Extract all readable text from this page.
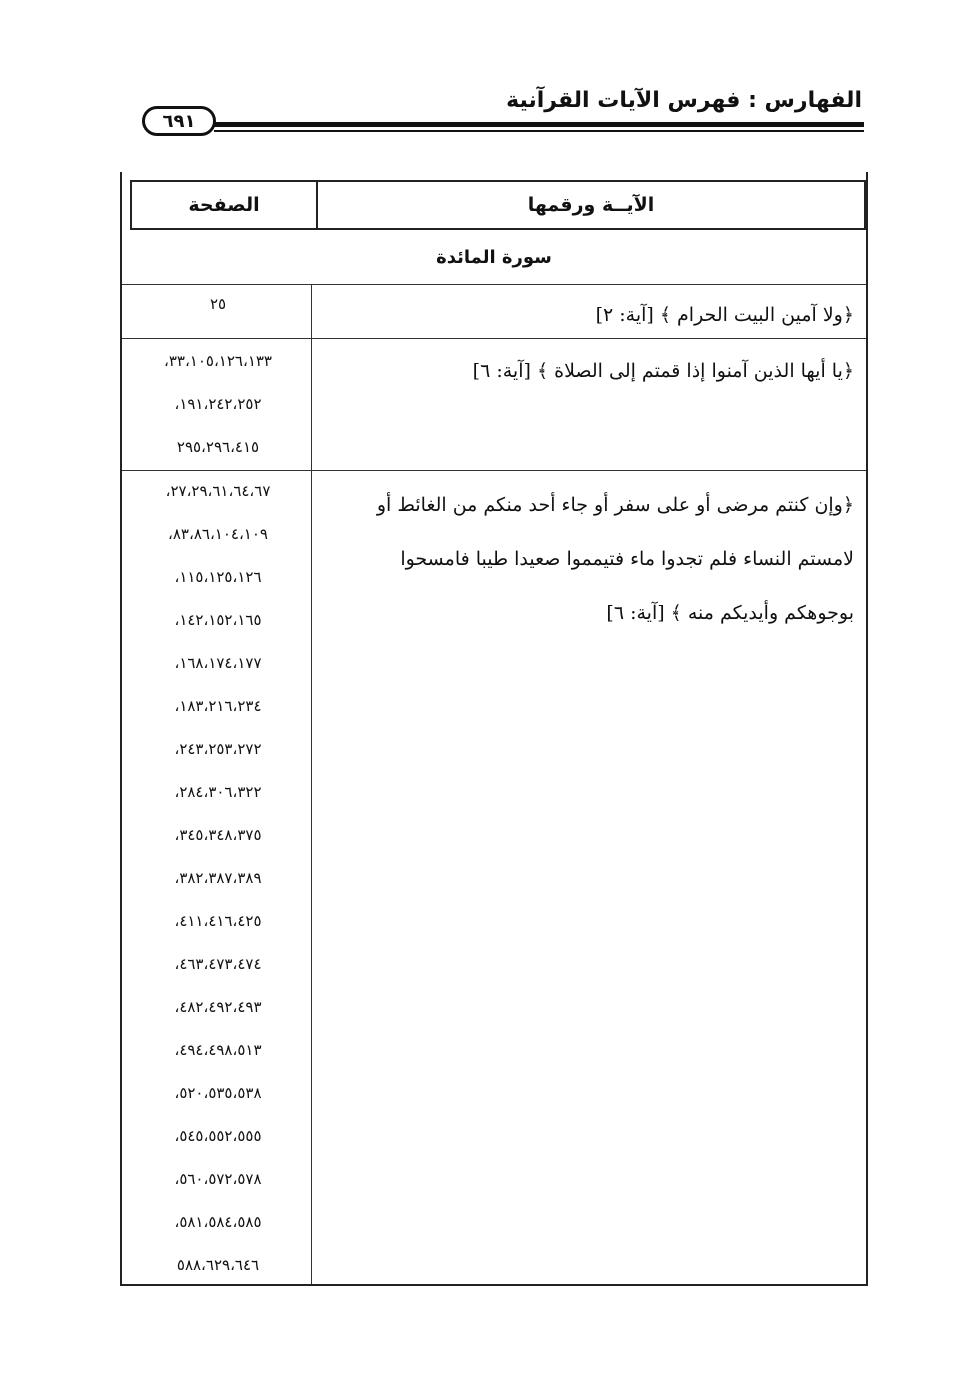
الفهارس : فهرس الآيات القرآنية
٦٩١
الآيــة ورقمها
الصفحة
سورة المائدة
﴿ولا آمين البيت الحرام ﴾ [آية: ٢]
٢٥
﴿يا أيها الذين آمنوا إذا قمتم إلى الصلاة ﴾ [آية: ٦]
٣٣،١٠٥،١٢٦،١٣٣،
١٩١،٢٤٢،٢٥٢،
٢٩٥،٢٩٦،٤١٥
﴿وإن كنتم مرضى أو على سفر أو جاء أحد منكم من الغائط أو
لامستم النساء فلم تجدوا ماء فتيمموا صعيدا طيبا فامسحوا
بوجوهكم وأيديكم منه ﴾ [آية: ٦]
٢٧،٢٩،٦١،٦٤،٦٧،
٨٣،٨٦،١٠٤،١٠٩،
١١٥،١٢٥،١٢٦،
١٤٢،١٥٢،١٦٥،
١٦٨،١٧٤،١٧٧،
١٨٣،٢١٦،٢٣٤،
٢٤٣،٢٥٣،٢٧٢،
٢٨٤،٣٠٦،٣٢٢،
٣٤٥،٣٤٨،٣٧٥،
٣٨٢،٣٨٧،٣٨٩،
٤١١،٤١٦،٤٢٥،
٤٦٣،٤٧٣،٤٧٤،
٤٨٢،٤٩٢،٤٩٣،
٤٩٤،٤٩٨،٥١٣،
٥٢٠،٥٣٥،٥٣٨،
٥٤٥،٥٥٢،٥٥٥،
٥٦٠،٥٧٢،٥٧٨،
٥٨١،٥٨٤،٥٨٥،
٥٨٨،٦٢٩،٦٤٦
